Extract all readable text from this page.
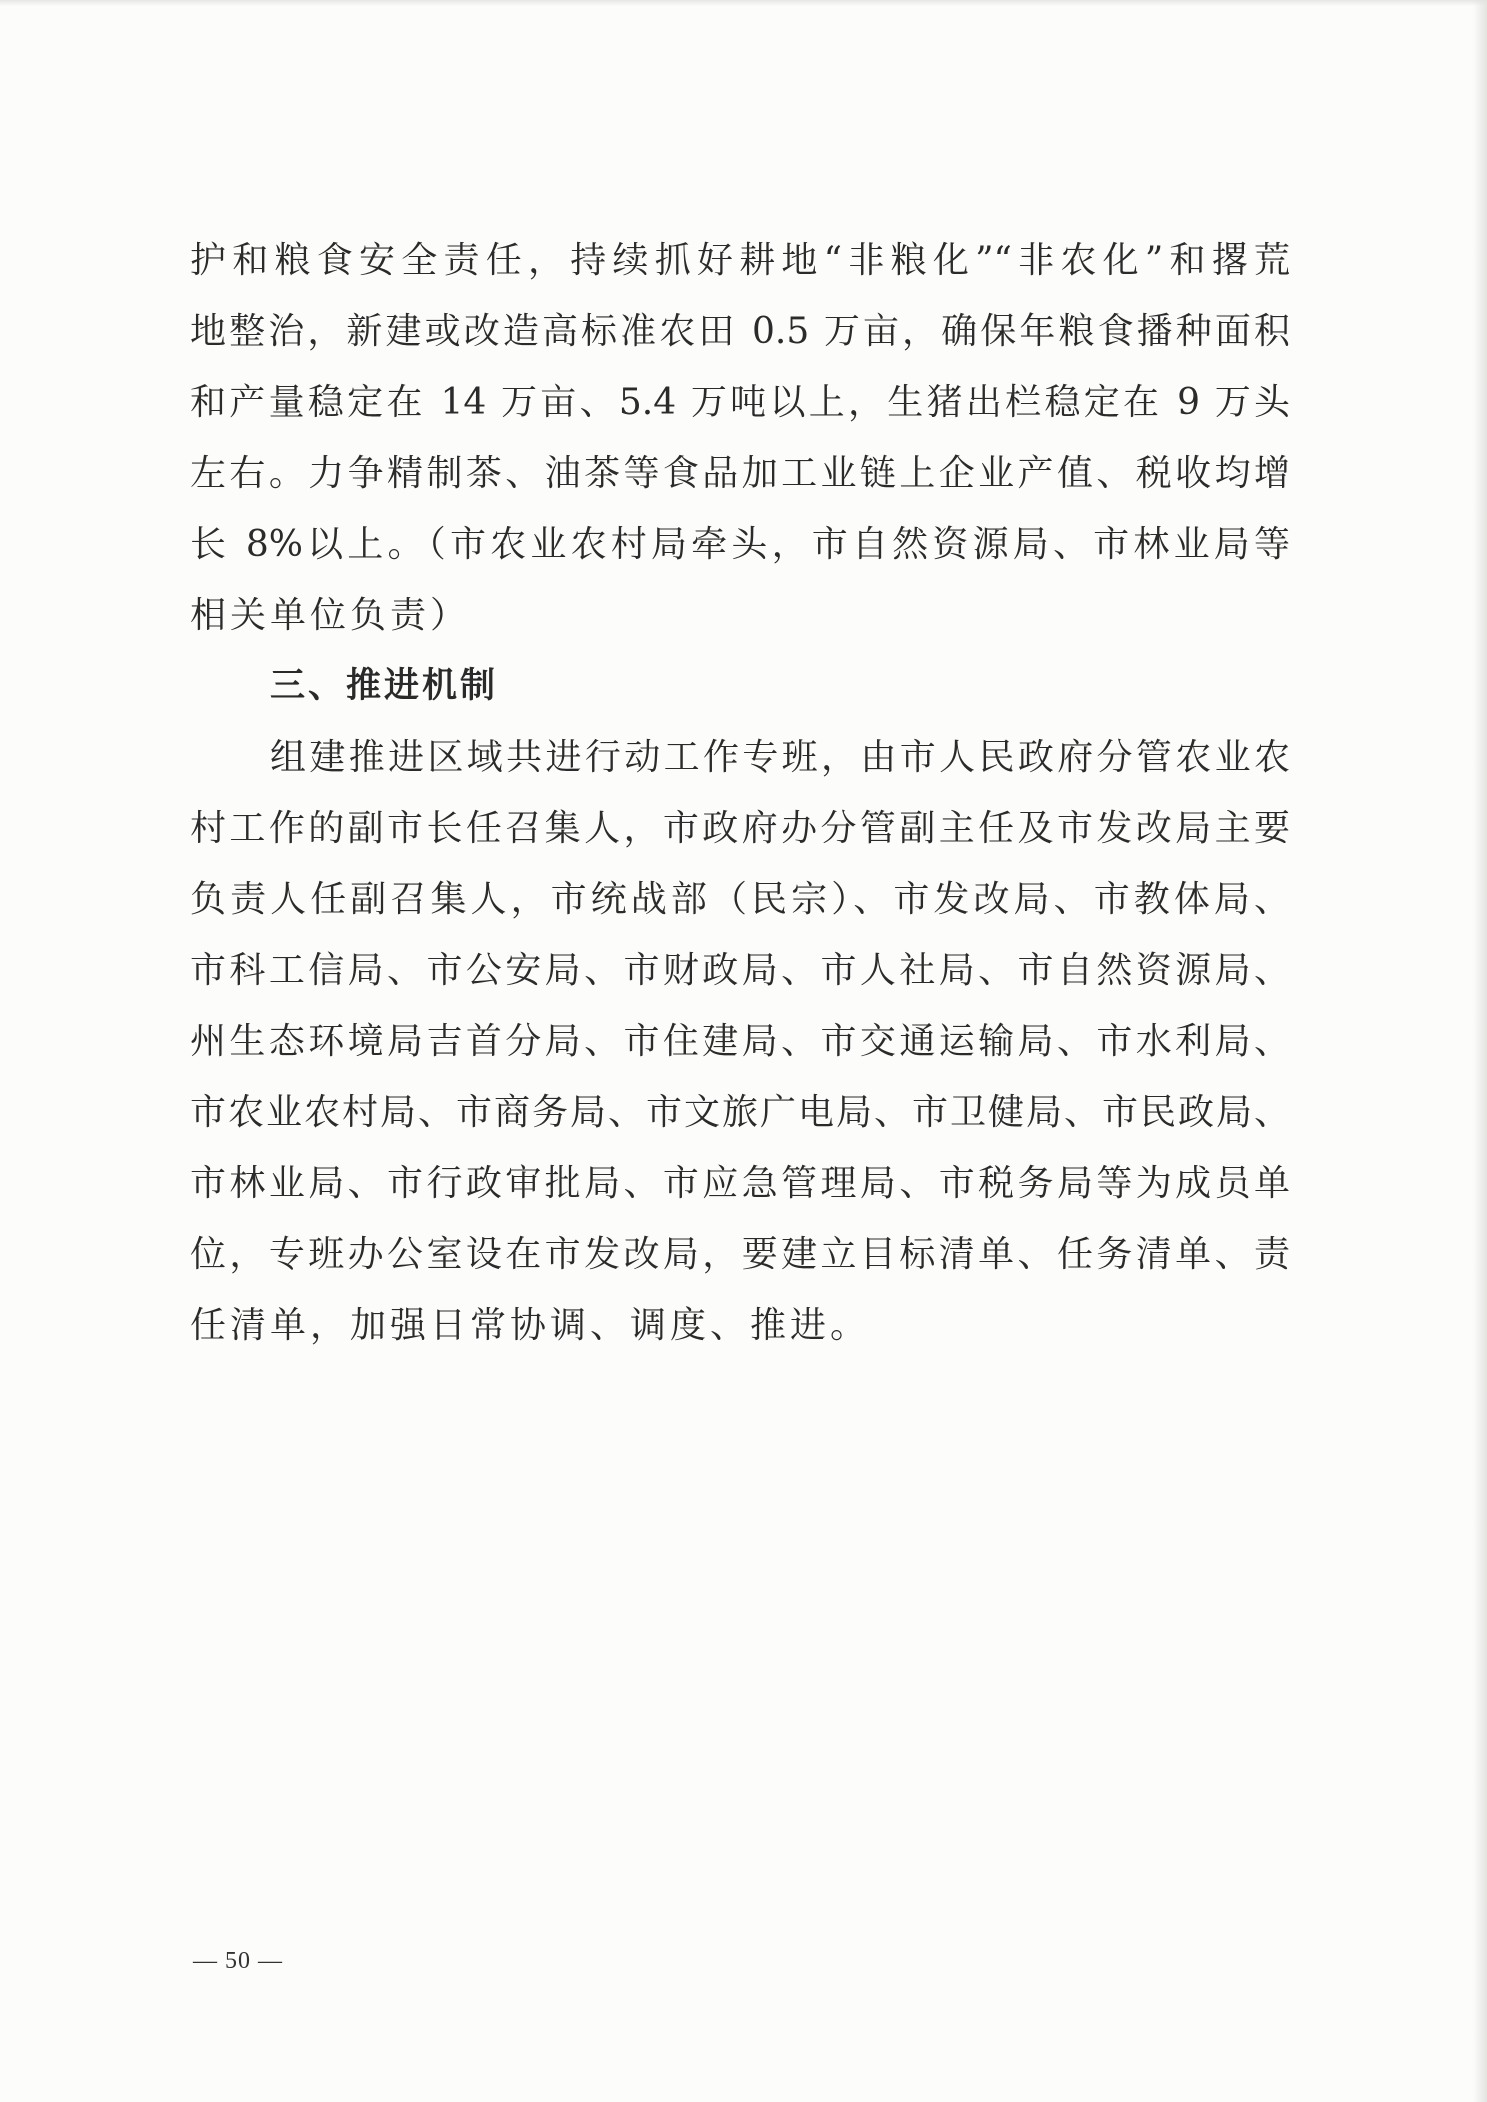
护和粮食安全责任，持续抓好耕地“非粮化”“非农化”和撂荒
地整治，新建或改造高标准农田 0.5 万亩，确保年粮食播种面积
和产量稳定在 14 万亩、5.4 万吨以上，生猪出栏稳定在 9 万头
左右。力争精制茶、油茶等食品加工业链上企业产值、税收均增
长 8%以上。（市农业农村局牵头，市自然资源局、市林业局等
相关单位负责）
三、推进机制
组建推进区域共进行动工作专班，由市人民政府分管农业农
村工作的副市长任召集人，市政府办分管副主任及市发改局主要
负责人任副召集人，市统战部（民宗）、市发改局、市教体局、
市科工信局、市公安局、市财政局、市人社局、市自然资源局、
州生态环境局吉首分局、市住建局、市交通运输局、市水利局、
市农业农村局、市商务局、市文旅广电局、市卫健局、市民政局、
市林业局、市行政审批局、市应急管理局、市税务局等为成员单
位，专班办公室设在市发改局，要建立目标清单、任务清单、责
任清单，加强日常协调、调度、推进。
— 50 —
